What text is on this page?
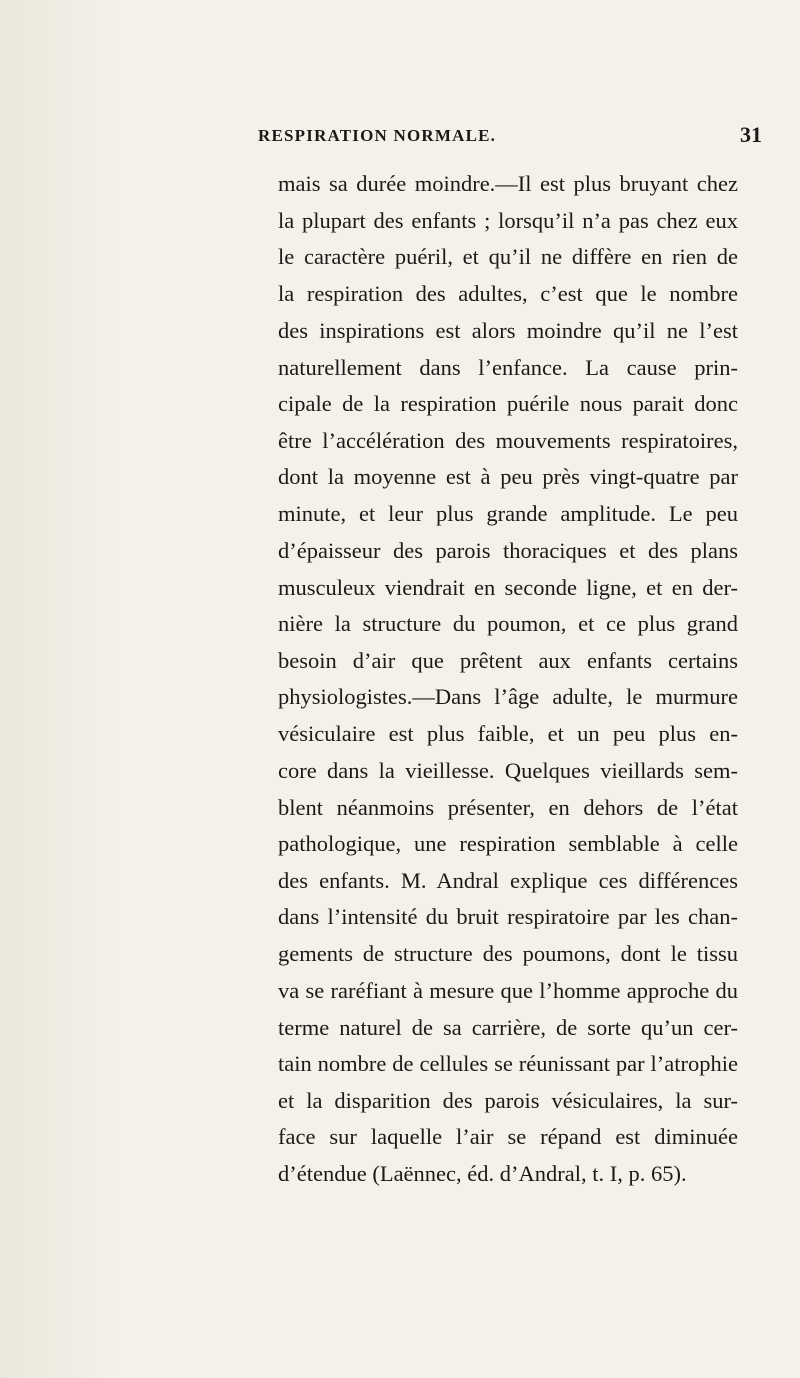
RESPIRATION NORMALE.	31
mais sa durée moindre.—Il est plus bruyant chez
la plupart des enfants ; lorsqu’il n’a pas chez eux
le caractère puéril, et qu’il ne diffère en rien de
la respiration des adultes, c’est que le nombre
des inspirations est alors moindre qu’il ne l’est
naturellement dans l’enfance. La cause prin-
cipale de la respiration puérile nous parait donc
être l’accélération des mouvements respiratoires,
dont la moyenne est à peu près vingt-quatre par
minute, et leur plus grande amplitude. Le peu
d’épaisseur des parois thoraciques et des plans
musculeux viendrait en seconde ligne, et en der-
nière la structure du poumon, et ce plus grand
besoin d’air que prêtent aux enfants certains
physiologistes.—Dans l’âge adulte, le murmure
vésiculaire est plus faible, et un peu plus en-
core dans la vieillesse. Quelques vieillards sem-
blent néanmoins présenter, en dehors de l’état
pathologique, une respiration semblable à celle
des enfants. M. Andral explique ces différences
dans l’intensité du bruit respiratoire par les chan-
gements de structure des poumons, dont le tissu
va se raréfiant à mesure que l’homme approche du
terme naturel de sa carrière, de sorte qu’un cer-
tain nombre de cellules se réunissant par l’atrophie
et la disparition des parois vésiculaires, la sur-
face sur laquelle l’air se répand est diminuée
d’étendue (Laënnec, éd. d’Andral, t. I, p. 65).
